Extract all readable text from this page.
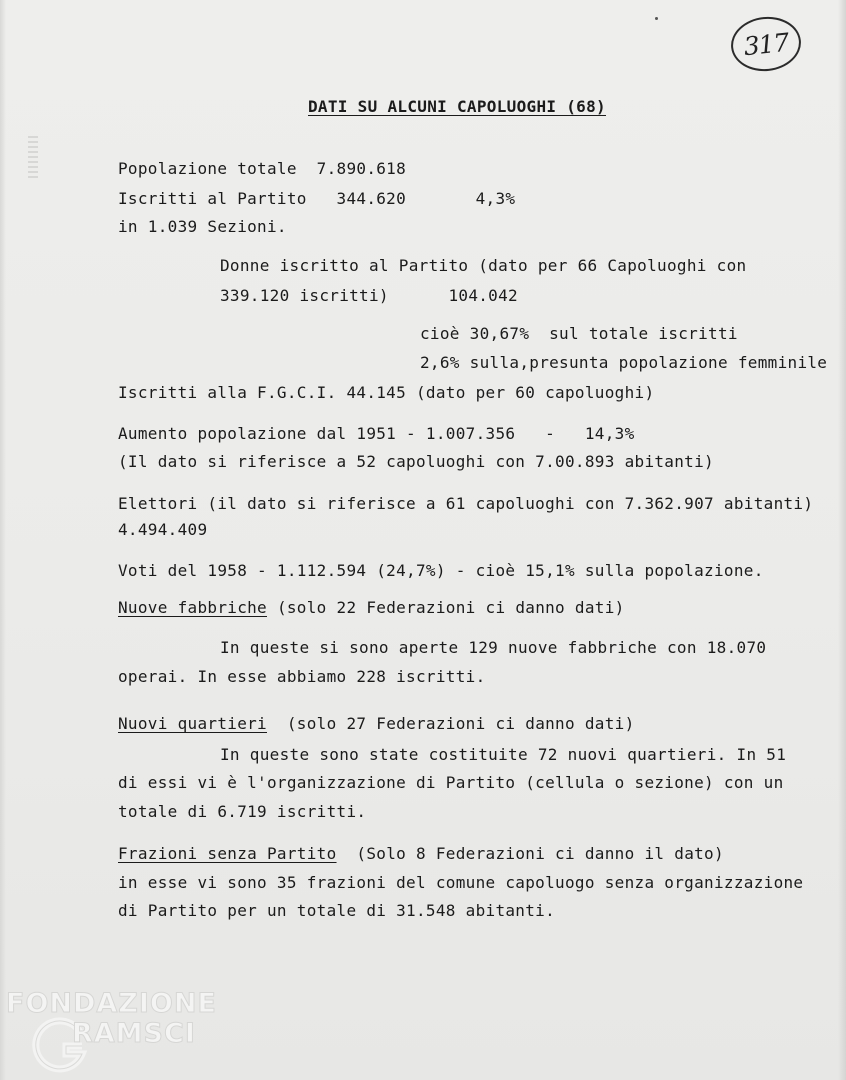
317
DATI SU ALCUNI CAPOLUOGHI (68)
Popolazione totale  7.890.618
Iscritti al Partito   344.620       4,3%
in 1.039 Sezioni.
Donne iscritto al Partito (dato per 66 Capoluoghi con
339.120 iscritti)      104.042
cioè 30,67%  sul totale iscritti
2,6% sulla,presunta popolazione femminile
Iscritti alla F.G.C.I. 44.145 (dato per 60 capoluoghi)
Aumento popolazione dal 1951 - 1.007.356   -   14,3%
(Il dato si riferisce a 52 capoluoghi con 7.00.893 abitanti)
Elettori (il dato si riferisce a 61 capoluoghi con 7.362.907 abitanti)
4.494.409
Voti del 1958 - 1.112.594 (24,7%) - cioè 15,1% sulla popolazione.
Nuove fabbriche (solo 22 Federazioni ci danno dati)
In queste si sono aperte 129 nuove fabbriche con 18.070
operai. In esse abbiamo 228 iscritti.
Nuovi quartieri (solo 27 Federazioni ci danno dati)
In queste sono state costituite 72 nuovi quartieri. In 51
di essi vi è l'organizzazione di Partito (cellula o sezione) con un
totale di 6.719 iscritti.
Frazioni senza Partito (Solo 8 Federazioni ci danno il dato)
in esse vi sono 35 frazioni del comune capoluogo senza organizzazione
di Partito per un totale di 31.548 abitanti.
FONDAZIONE
RAMSCI
